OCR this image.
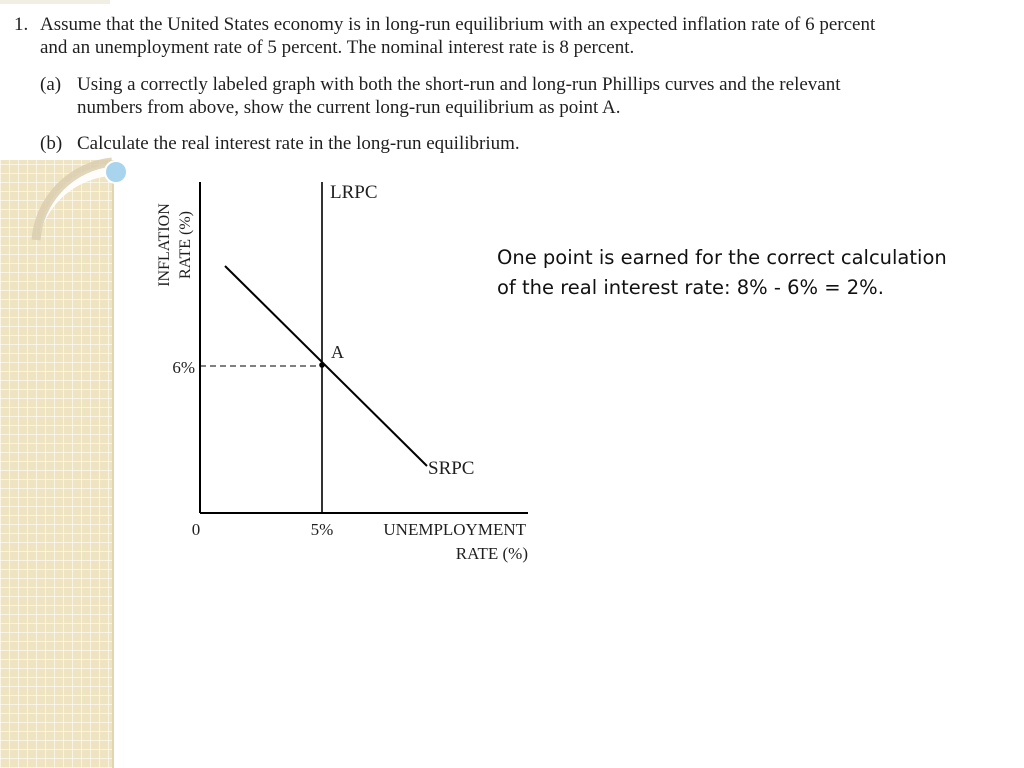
1. Assume that the United States economy is in long-run equilibrium with an expected inflation rate of 6 percent
and an unemployment rate of 5 percent. The nominal interest rate is 8 percent.
(a) Using a correctly labeled graph with both the short-run and long-run Phillips curves and the relevant
numbers from above, show the current long-run equilibrium as point A.
(b) Calculate the real interest rate in the long-run equilibrium.
INFLATION RATE (%)
LRPC
SRPC
6%
A
0	5%	UNEMPLOYMENT
RATE (%)
One point is earned for the correct calculation
of the real interest rate: 8% - 6% = 2%.
